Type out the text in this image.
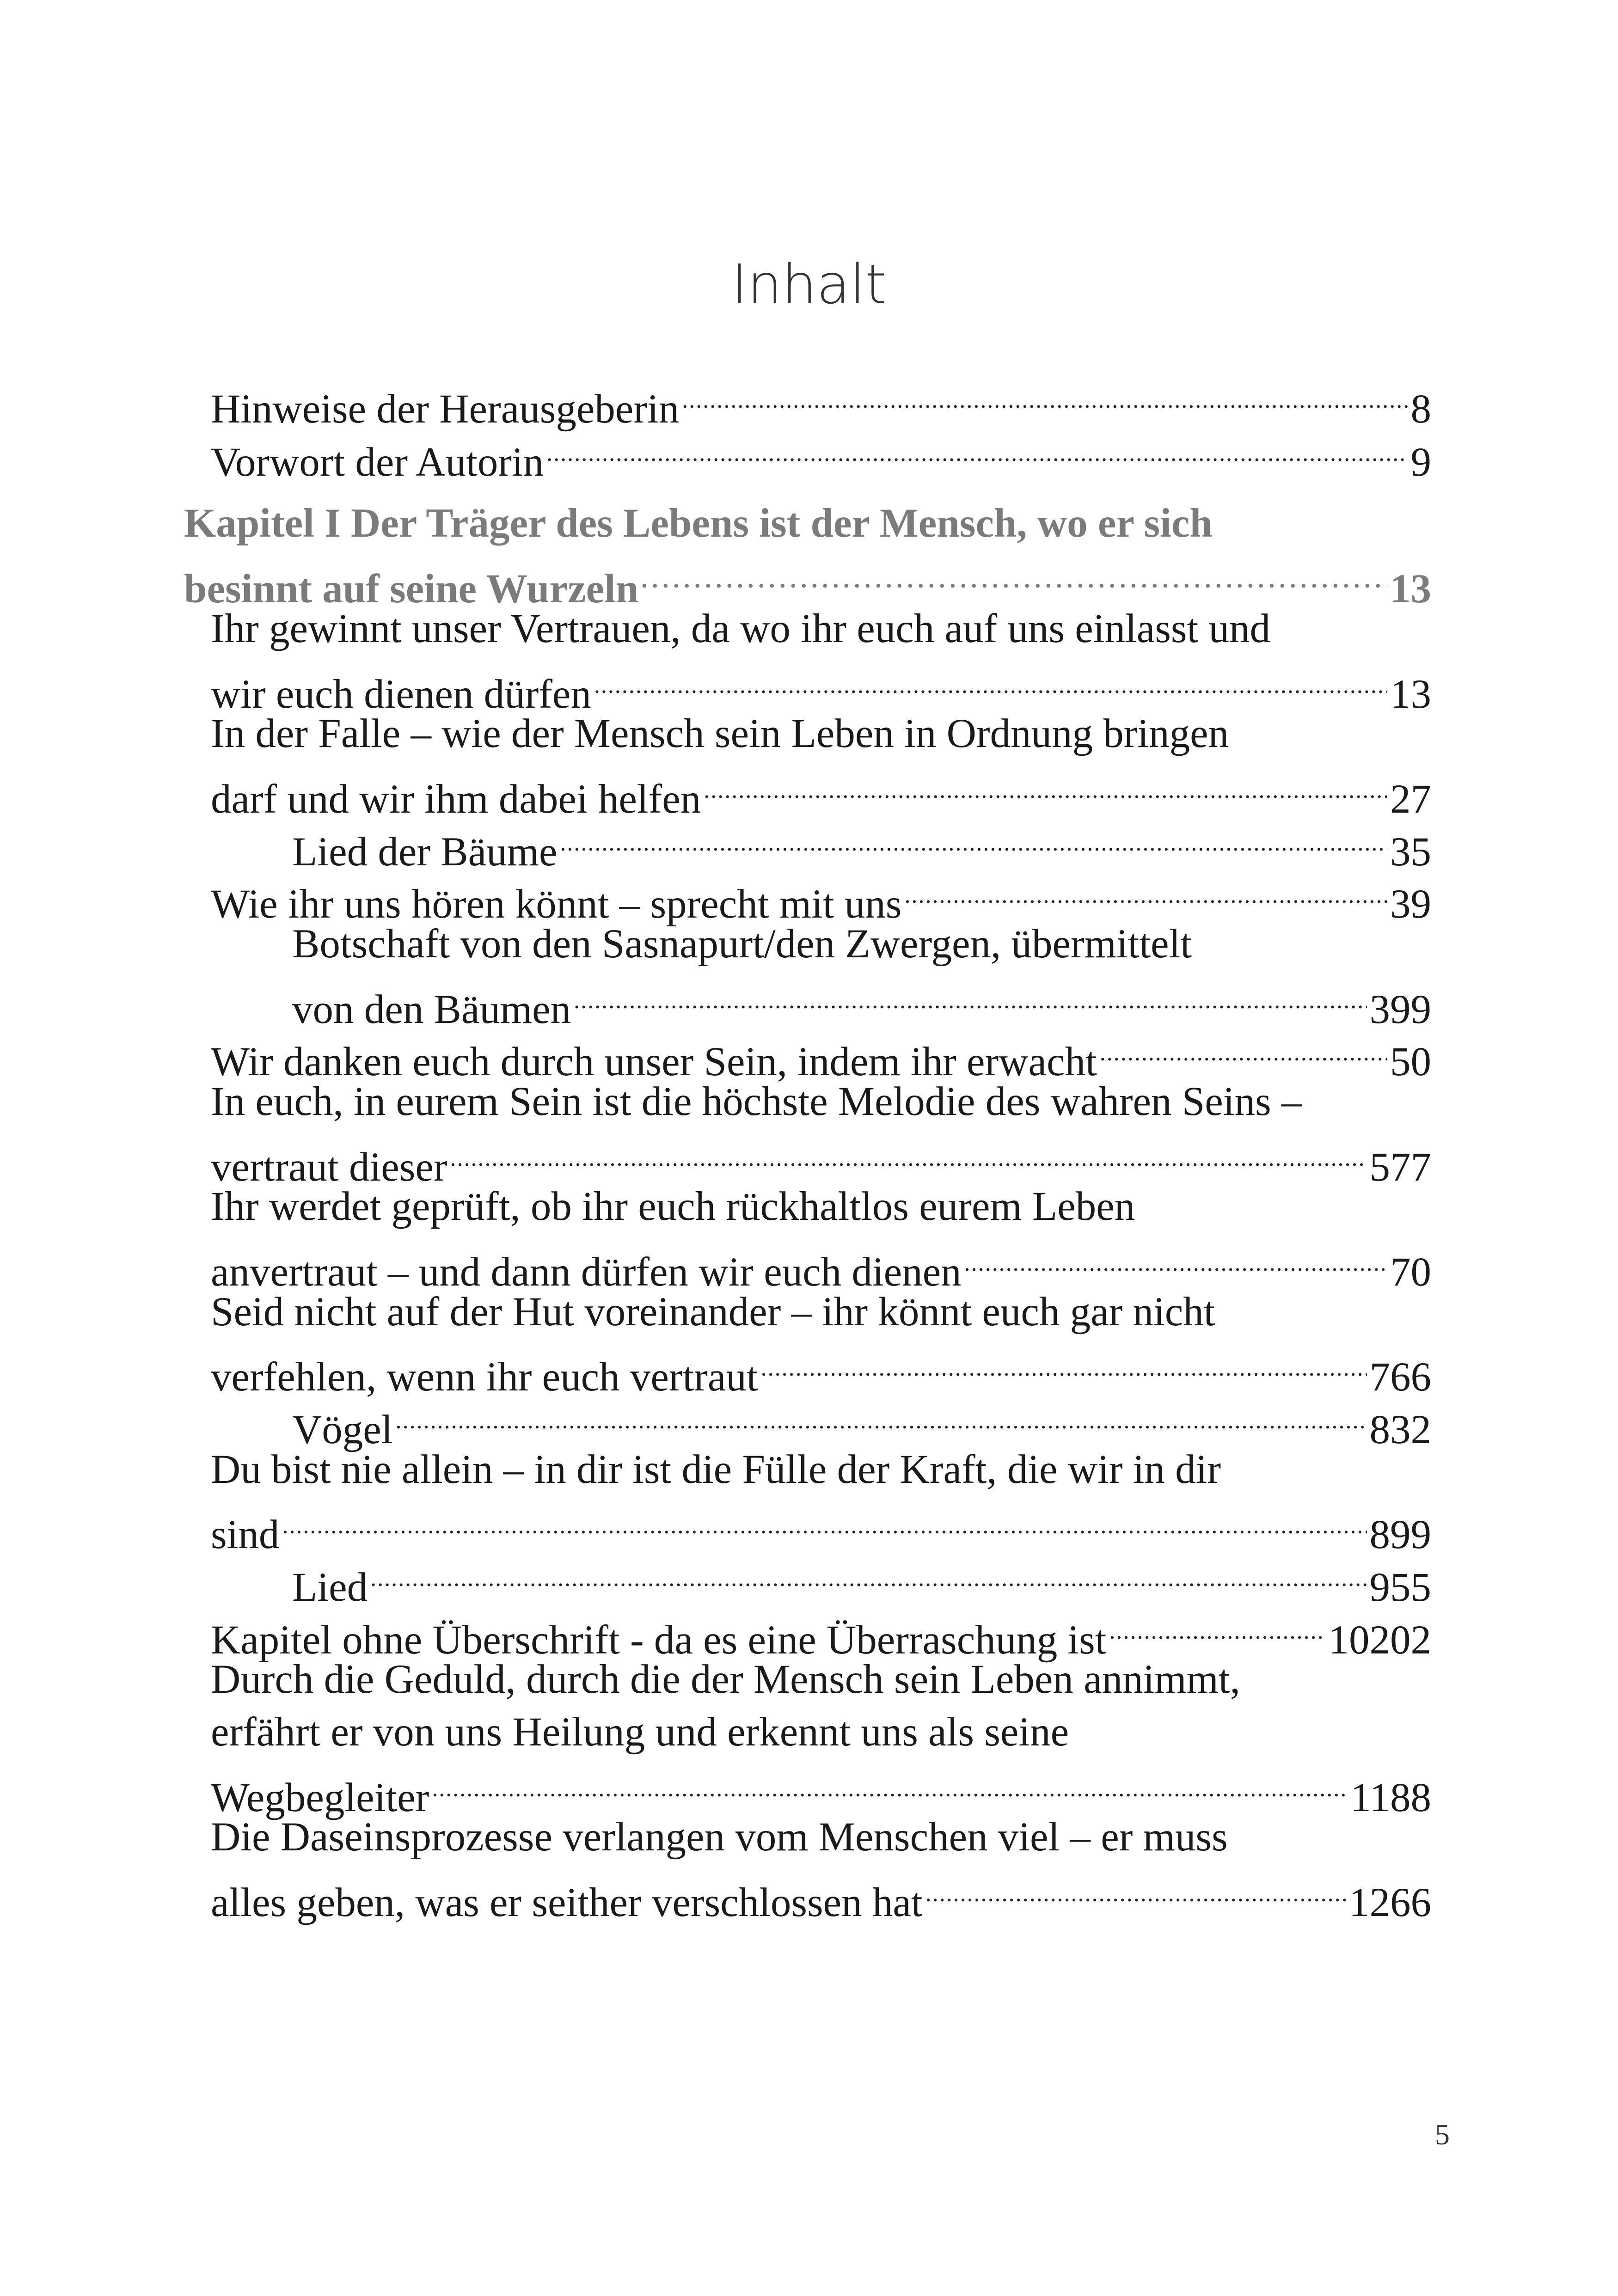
Inhalt
Hinweise der Herausgeberin .....	8
Vorwort der Autorin .....	9
Kapitel I Der Träger des Lebens ist der Mensch, wo er sich
besinnt auf seine Wurzeln .....	13
Ihr gewinnt unser Vertrauen, da wo ihr euch auf uns einlasst und
wir euch dienen dürfen .....	13
In der Falle – wie der Mensch sein Leben in Ordnung bringen
darf und wir ihm dabei helfen .....	27
Lied der Bäume .....	35
Wie ihr uns hören könnt – sprecht mit uns .....	39
Botschaft von den Sasnapurt/den Zwergen, übermittelt
von den Bäumen .....	399
Wir danken euch durch unser Sein, indem ihr erwacht .....	50
In euch, in eurem Sein ist die höchste Melodie des wahren Seins –
vertraut dieser .....	577
Ihr werdet geprüft, ob ihr euch rückhaltlos eurem Leben
anvertraut – und dann dürfen wir euch dienen .....	70
Seid nicht auf der Hut voreinander – ihr könnt euch gar nicht
verfehlen, wenn ihr euch vertraut .....	766
Vögel .....	832
Du bist nie allein – in dir ist die Fülle der Kraft, die wir in dir
sind .....	899
Lied .....	955
Kapitel ohne Überschrift - da es eine Überraschung ist .....	10202
Durch die Geduld, durch die der Mensch sein Leben annimmt,
erfährt er von uns Heilung und erkennt uns als seine
Wegbegleiter .....	1188
Die Daseinsprozesse verlangen vom Menschen viel – er muss
alles geben, was er seither verschlossen hat .....	1266
5
